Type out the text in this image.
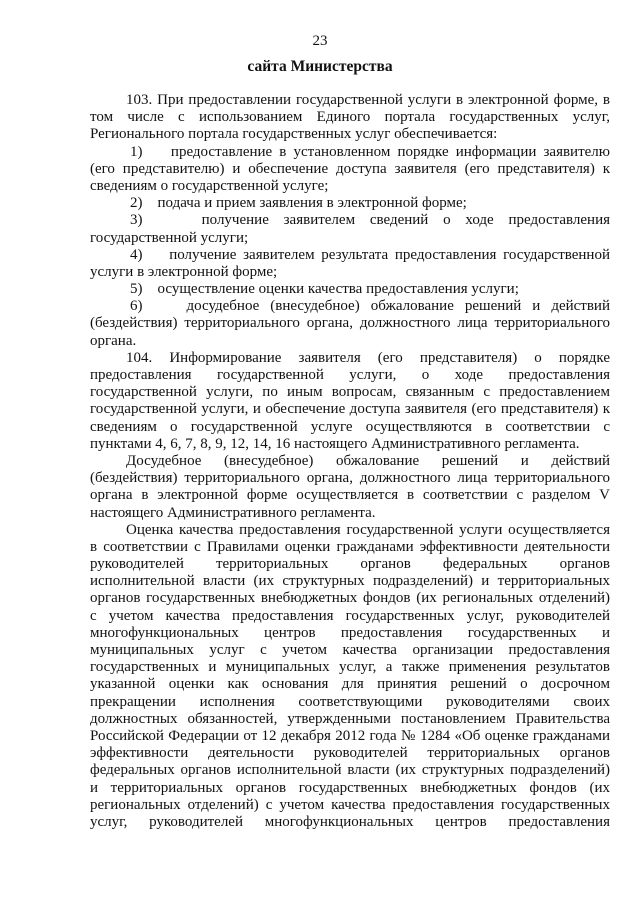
23
сайта Министерства
103. При предоставлении государственной услуги в электронной форме, в
том числе с использованием Единого портала государственных услуг,
Регионального портала государственных услуг обеспечивается:
1)    предоставление в установленном порядке информации заявителю
(его представителю) и обеспечение доступа заявителя (его представителя) к
сведениям о государственной услуге;
2)    подача и прием заявления в электронной форме;
3)    получение заявителем сведений о ходе предоставления
государственной услуги;
4)    получение заявителем результата предоставления государственной
услуги в электронной форме;
5)    осуществление оценки качества предоставления услуги;
6)    досудебное (внесудебное) обжалование решений и действий
(бездействия) территориального органа, должностного лица территориального
органа.
104. Информирование заявителя (его представителя) о порядке
предоставления государственной услуги, о ходе предоставления
государственной услуги, по иным вопросам, связанным с предоставлением
государственной услуги, и обеспечение доступа заявителя (его представителя) к
сведениям о государственной услуге осуществляются в соответствии с
пунктами 4, 6, 7, 8, 9, 12, 14, 16 настоящего Административного регламента.
Досудебное (внесудебное) обжалование решений и действий
(бездействия) территориального органа, должностного лица территориального
органа в электронной форме осуществляется в соответствии с разделом V
настоящего Административного регламента.
Оценка качества предоставления государственной услуги осуществляется
в соответствии с Правилами оценки гражданами эффективности деятельности
руководителей территориальных органов федеральных органов
исполнительной власти (их структурных подразделений) и территориальных
органов государственных внебюджетных фондов (их региональных отделений)
с учетом качества предоставления государственных услуг, руководителей
многофункциональных центров предоставления государственных и
муниципальных услуг с учетом качества организации предоставления
государственных и муниципальных услуг, а также применения результатов
указанной оценки как основания для принятия решений о досрочном
прекращении исполнения соответствующими руководителями своих
должностных обязанностей, утвержденными постановлением Правительства
Российской Федерации от 12 декабря 2012 года № 1284 «Об оценке гражданами
эффективности деятельности руководителей территориальных органов
федеральных органов исполнительной власти (их структурных подразделений)
и территориальных органов государственных внебюджетных фондов (их
региональных отделений) с учетом качества предоставления государственных
услуг, руководителей многофункциональных центров предоставления
